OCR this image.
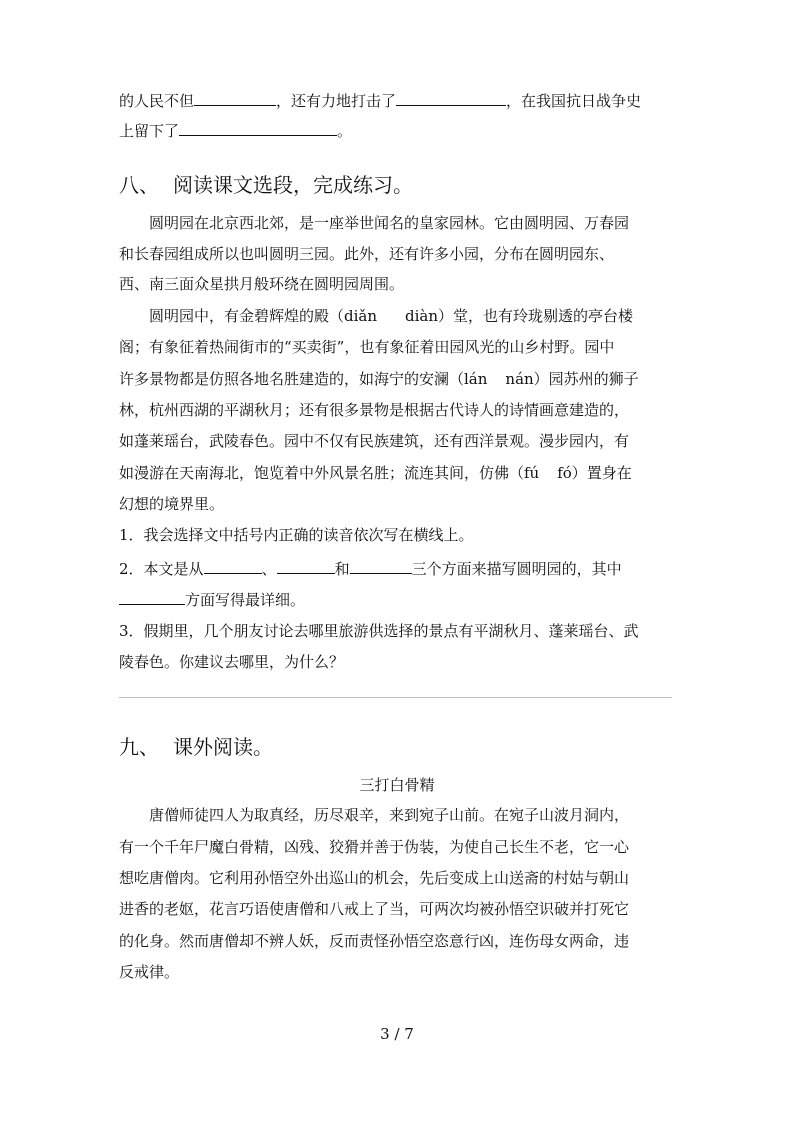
的人民不但	，还有力地打击了	，在我国抗日战争史
上留下了	。
八、 阅读课文选段，完成练习。
圆明园在北京西北郊，是一座举世闻名的皇家园林。它由圆明园、万春园
和长春园组成所以也叫圆明三园。此外，还有许多小园，分布在圆明园东、
西、南三面众星拱月般环绕在圆明园周围。
圆明园中，有金碧辉煌的殿（diǎn diàn）堂，也有玲珑剔透的亭台楼
阁；有象征着热闹街市的“买卖街”，也有象征着田园风光的山乡村野。园中
许多景物都是仿照各地名胜建造的，如海宁的安澜（lán nán）园苏州的狮子
林，杭州西湖的平湖秋月；还有很多景物是根据古代诗人的诗情画意建造的，
如蓬莱瑶台，武陵春色。园中不仅有民族建筑，还有西洋景观。漫步园内，有
如漫游在天南海北，饱览着中外风景名胜；流连其间，仿佛（fú fó）置身在
幻想的境界里。
1．我会选择文中括号内正确的读音依次写在横线上。
2．本文是从	、	和	三个方面来描写圆明园的，其中
方面写得最详细。
3．假期里，几个朋友讨论去哪里旅游供选择的景点有平湖秋月、蓬莱瑶台、武
陵春色。你建议去哪里，为什么？
九、 课外阅读。
三打白骨精
唐僧师徒四人为取真经，历尽艰辛，来到宛子山前。在宛子山波月洞内，
有一个千年尸魔白骨精，凶残、狡猾并善于伪装，为使自己长生不老，它一心
想吃唐僧肉。它利用孙悟空外出巡山的机会，先后变成上山送斋的村姑与朝山
进香的老妪，花言巧语使唐僧和八戒上了当，可两次均被孙悟空识破并打死它
的化身。然而唐僧却不辨人妖，反而责怪孙悟空恣意行凶，连伤母女两命，违
反戒律。
3 / 7
